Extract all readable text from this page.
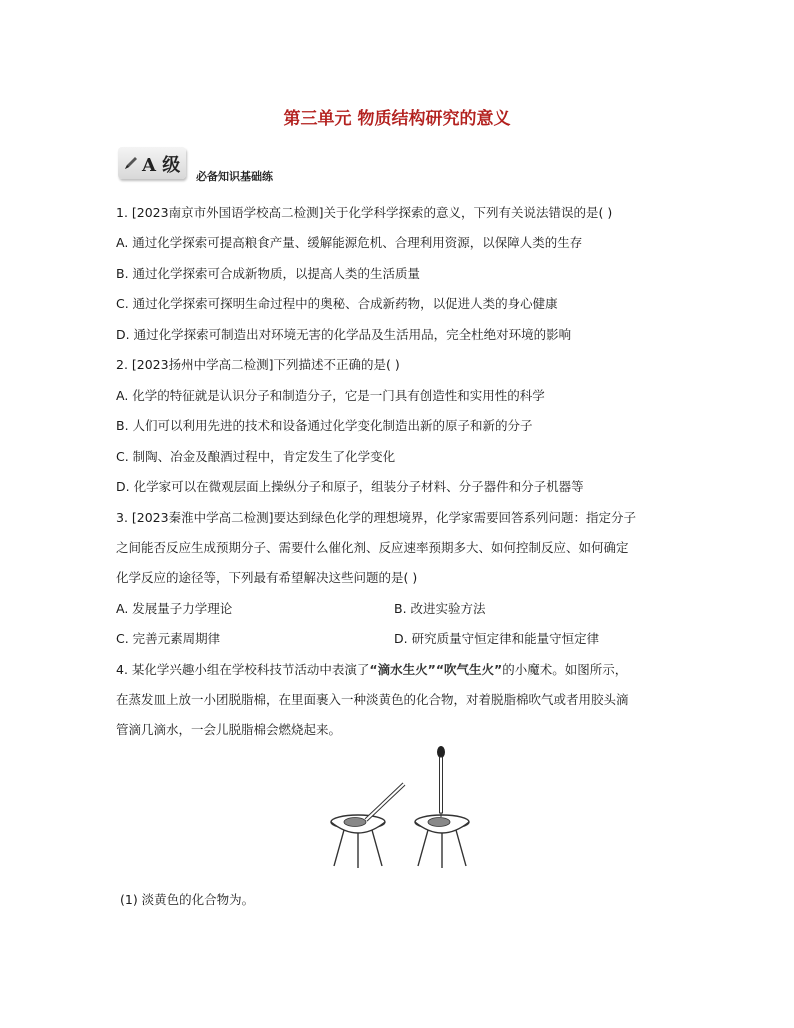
第三单元 物质结构研究的意义
A 级
必备知识基础练
1. [2023南京市外国语学校高二检测]关于化学科学探索的意义，下列有关说法错误的是( )
A. 通过化学探索可提高粮食产量、缓解能源危机、合理利用资源，以保障人类的生存
B. 通过化学探索可合成新物质，以提高人类的生活质量
C. 通过化学探索可探明生命过程中的奥秘、合成新药物，以促进人类的身心健康
D. 通过化学探索可制造出对环境无害的化学品及生活用品，完全杜绝对环境的影响
2. [2023扬州中学高二检测]下列描述不正确的是( )
A. 化学的特征就是认识分子和制造分子，它是一门具有创造性和实用性的科学
B. 人们可以利用先进的技术和设备通过化学变化制造出新的原子和新的分子
C. 制陶、冶金及酿酒过程中，肯定发生了化学变化
D. 化学家可以在微观层面上操纵分子和原子，组装分子材料、分子器件和分子机器等
3. [2023秦淮中学高二检测]要达到绿色化学的理想境界，化学家需要回答系列问题：指定分子
之间能否反应生成预期分子、需要什么催化剂、反应速率预期多大、如何控制反应、如何确定
化学反应的途径等，下列最有希望解决这些问题的是( )
A. 发展量子力学理论	B. 改进实验方法
C. 完善元素周期律	D. 研究质量守恒定律和能量守恒定律
4. 某化学兴趣小组在学校科技节活动中表演了“滴水生火”“吹气生火”的小魔术。如图所示，
在蒸发皿上放一小团脱脂棉，在里面裹入一种淡黄色的化合物，对着脱脂棉吹气或者用胶头滴
管滴几滴水，一会儿脱脂棉会燃烧起来。
(1) 淡黄色的化合物为。
